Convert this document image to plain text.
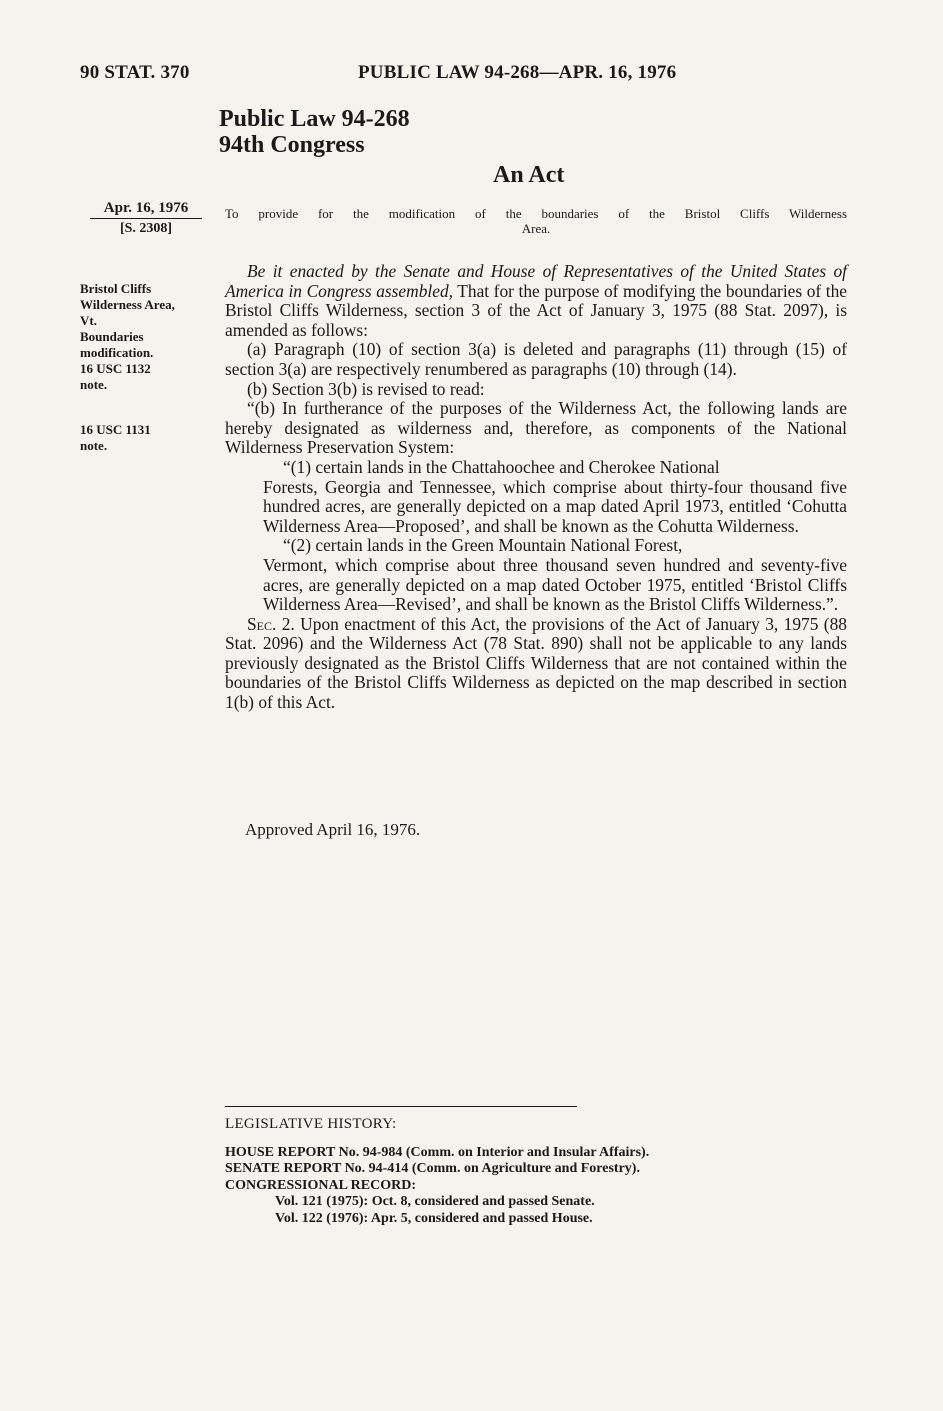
90 STAT. 370	PUBLIC LAW 94-268—APR. 16, 1976
Public Law 94-268
94th Congress
An Act
Apr. 16, 1976
[S. 2308]
Bristol Cliffs
Wilderness Area,
Vt.
Boundaries
modification.
16 USC 1132
note.
16 USC 1131
note.
To provide for the modification of the boundaries of the Bristol Cliffs Wilderness
Area.

Be it enacted by the Senate and House of Representatives of the United States of America in Congress assembled, That for the purpose of modifying the boundaries of the Bristol Cliffs Wilderness, section 3 of the Act of January 3, 1975 (88 Stat. 2097), is amended as follows:

(a) Paragraph (10) of section 3(a) is deleted and paragraphs (11) through (15) of section 3(a) are respectively renumbered as paragraphs (10) through (14).

(b) Section 3(b) is revised to read:

“(b) In furtherance of the purposes of the Wilderness Act, the following lands are hereby designated as wilderness and, therefore, as components of the National Wilderness Preservation System:

“(1) certain lands in the Chattahoochee and Cherokee National
Forests, Georgia and Tennessee, which comprise about thirty-four thousand five hundred acres, are generally depicted on a map dated April 1973, entitled ‘Cohutta Wilderness Area—Proposed’, and shall be known as the Cohutta Wilderness.

“(2) certain lands in the Green Mountain National Forest,
Vermont, which comprise about three thousand seven hundred and seventy-five acres, are generally depicted on a map dated October 1975, entitled ‘Bristol Cliffs Wilderness Area—Revised’, and shall be known as the Bristol Cliffs Wilderness.”.

Sec. 2. Upon enactment of this Act, the provisions of the Act of January 3, 1975 (88 Stat. 2096) and the Wilderness Act (78 Stat. 890) shall not be applicable to any lands previously designated as the Bristol Cliffs Wilderness that are not contained within the boundaries of the Bristol Cliffs Wilderness as depicted on the map described in section 1(b) of this Act.

Approved April 16, 1976.
LEGISLATIVE HISTORY:
HOUSE REPORT No. 94-984 (Comm. on Interior and Insular Affairs).
SENATE REPORT No. 94-414 (Comm. on Agriculture and Forestry).
CONGRESSIONAL RECORD:
Vol. 121 (1975): Oct. 8, considered and passed Senate.
Vol. 122 (1976): Apr. 5, considered and passed House.
